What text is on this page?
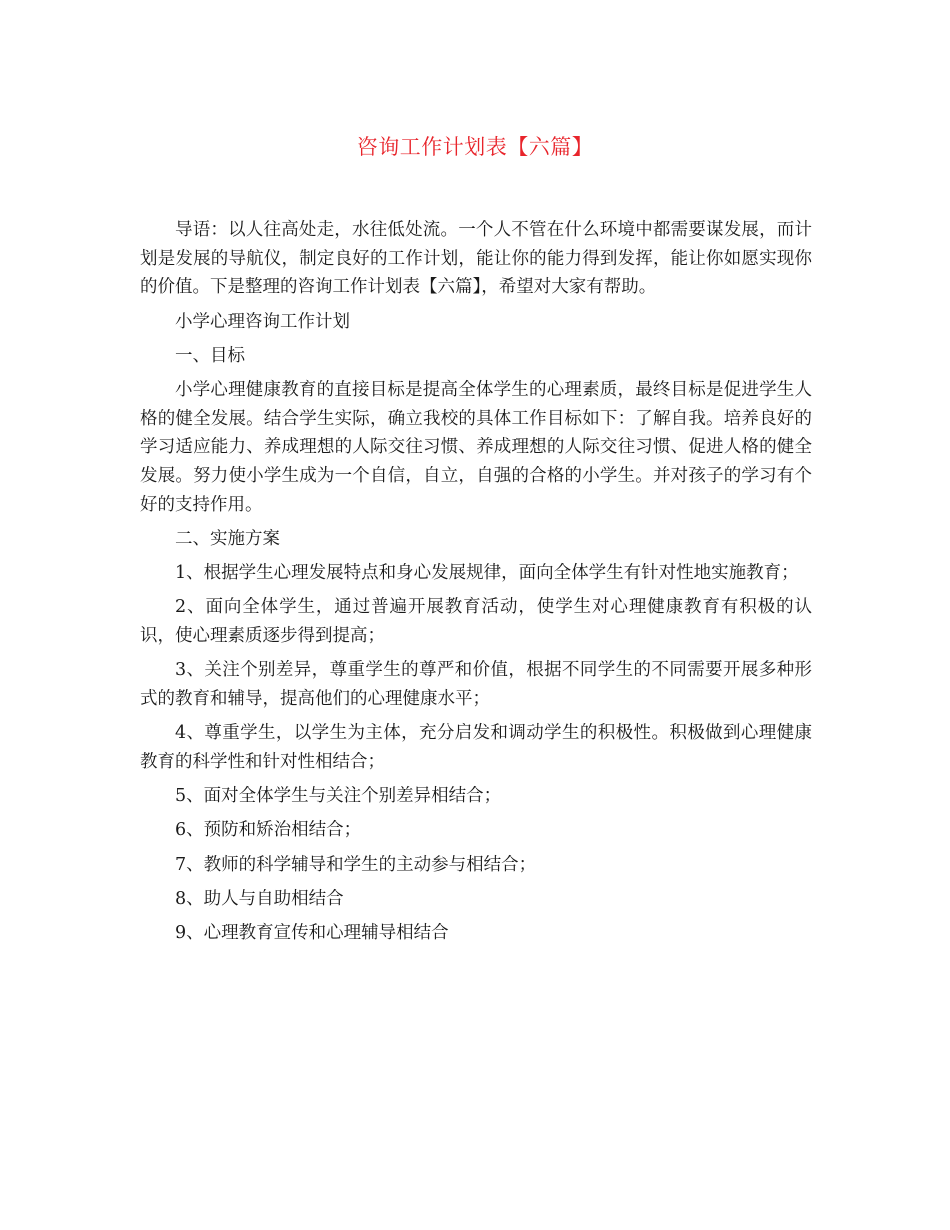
咨询工作计划表【六篇】

导语：以人往高处走，水往低处流。一个人不管在什么环境中都需要谋发展，而计划是发展的导航仪，制定良好的工作计划，能让你的能力得到发挥，能让你如愿实现你的价值。下是整理的咨询工作计划表【六篇】，希望对大家有帮助。

小学心理咨询工作计划

一、目标

小学心理健康教育的直接目标是提高全体学生的心理素质，最终目标是促进学生人格的健全发展。结合学生实际，确立我校的具体工作目标如下：了解自我。培养良好的学习适应能力、养成理想的人际交往习惯、养成理想的人际交往习惯、促进人格的健全发展。努力使小学生成为一个自信，自立，自强的合格的小学生。并对孩子的学习有个好的支持作用。

二、实施方案

1、根据学生心理发展特点和身心发展规律，面向全体学生有针对性地实施教育；

2、面向全体学生，通过普遍开展教育活动，使学生对心理健康教育有积极的认识，使心理素质逐步得到提高；

3、关注个别差异，尊重学生的尊严和价值，根据不同学生的不同需要开展多种形式的教育和辅导，提高他们的心理健康水平；

4、尊重学生，以学生为主体，充分启发和调动学生的积极性。积极做到心理健康教育的科学性和针对性相结合；

5、面对全体学生与关注个别差异相结合；

6、预防和矫治相结合；

7、教师的科学辅导和学生的主动参与相结合；

8、助人与自助相结合

9、心理教育宣传和心理辅导相结合
